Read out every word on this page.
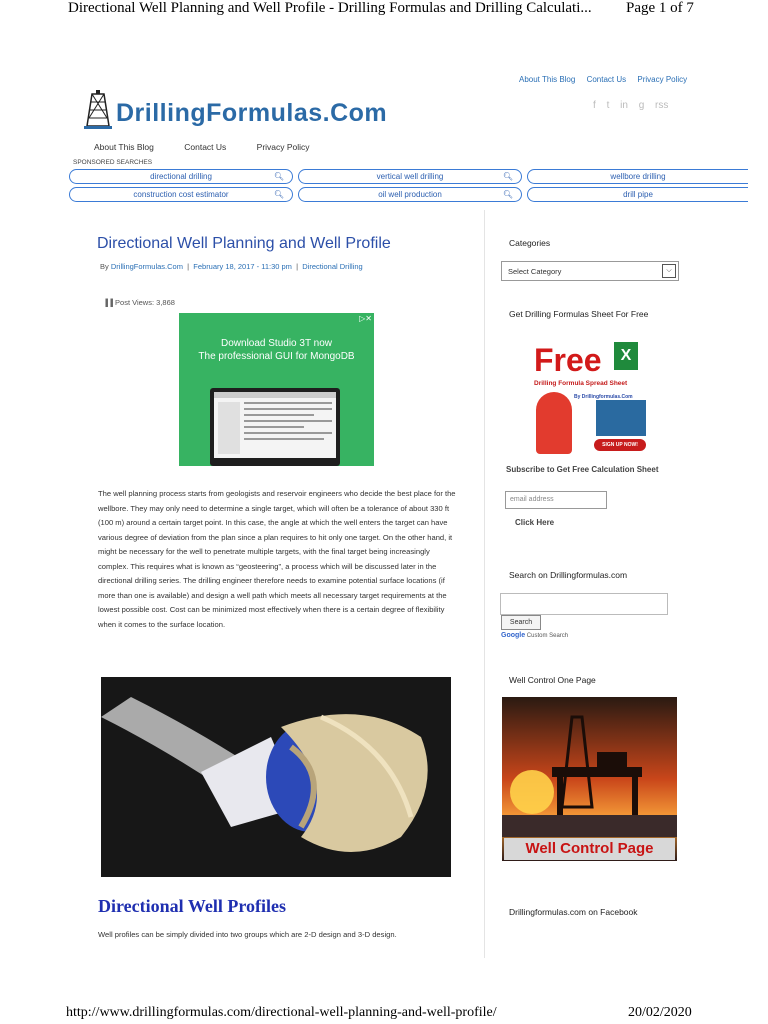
Directional Well Planning and Well Profile - Drilling Formulas and Drilling Calculati... Page 1 of 7
About This Blog Contact Us Privacy Policy
DrillingFormulas.Com	f t in g rss
About This Blog	Contact Us	Privacy Policy
SPONSORED SEARCHES
directional drilling	🔍︎	vertical well drilling	🔍︎	wellbore drilling
construction cost estimator	🔍︎	oil well production	🔍︎	drill pipe
Directional Well Planning and Well Profile
By DrillingFormulas.Com  |  February 18, 2017 - 11:30 pm  |  Directional Drilling
▐▐ Post Views: 3,868
▷✕
Download Studio 3T now
The professional GUI for MongoDB
The well planning process starts from geologists and reservoir engineers who decide the best place for the wellbore. They may only need to determine a single target, which will often be a tolerance of about 330 ft (100 m) around a certain target point. In this case, the angle at which the well enters the target can have various degree of deviation from the plan since a plan requires to hit only one target. On the other hand, it might be necessary for the well to penetrate multiple targets, with the final target being increasingly complex. This requires what is known as “geosteering”, a process which will be discussed later in the directional drilling series. The drilling engineer therefore needs to examine potential surface locations (if more than one is available) and design a well path which meets all necessary target requirements at the lowest possible cost. Cost can be minimized most effectively when there is a certain degree of flexibility when it comes to the surface location.
Directional Well Profiles
Well profiles can be simply divided into two groups which are 2-D design and 3-D design.
Categories
Select Category	⌵
Get Drilling Formulas Sheet For Free
Free	X
Drilling Formula Spread Sheet
By Drillingformulas.Com
SIGN UP NOW!
Subscribe to Get Free Calculation Sheet
email address
Click Here
Search on Drillingformulas.com
Search
Google Custom Search
Well Control One Page
Well Control Page
Drillingformulas.com on Facebook
http://www.drillingformulas.com/directional-well-planning-and-well-profile/	20/02/2020
